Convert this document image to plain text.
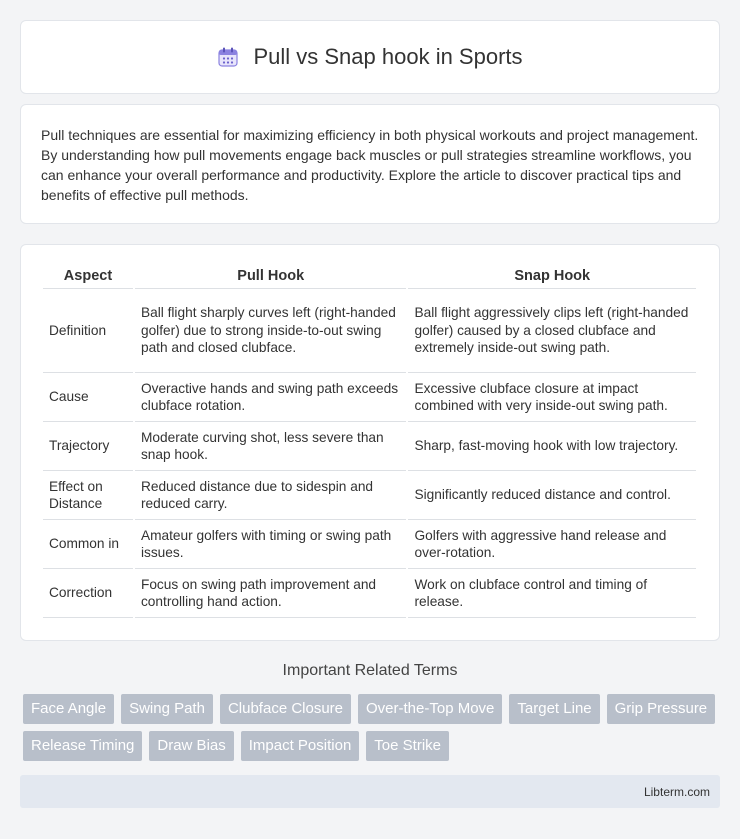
Pull vs Snap hook in Sports

Pull techniques are essential for maximizing efficiency in both physical workouts and project management. By understanding how pull movements engage back muscles or pull strategies streamline workflows, you can enhance your overall performance and productivity. Explore the article to discover practical tips and benefits of effective pull methods.

Aspect	Pull Hook	Snap Hook
Definition	Ball flight sharply curves left (right-handed golfer) due to strong inside-to-out swing path and closed clubface.	Ball flight aggressively clips left (right-handed golfer) caused by a closed clubface and extremely inside-out swing path.
Cause	Overactive hands and swing path exceeds clubface rotation.	Excessive clubface closure at impact combined with very inside-out swing path.
Trajectory	Moderate curving shot, less severe than snap hook.	Sharp, fast-moving hook with low trajectory.
Effect on Distance	Reduced distance due to sidespin and reduced carry.	Significantly reduced distance and control.
Common in	Amateur golfers with timing or swing path issues.	Golfers with aggressive hand release and over-rotation.
Correction	Focus on swing path improvement and controlling hand action.	Work on clubface control and timing of release.
Important Related Terms
Face Angle	Swing Path	Clubface Closure	Over-the-Top Move	Target Line	Grip Pressure
Release Timing	Draw Bias	Impact Position	Toe Strike
Libterm.com
